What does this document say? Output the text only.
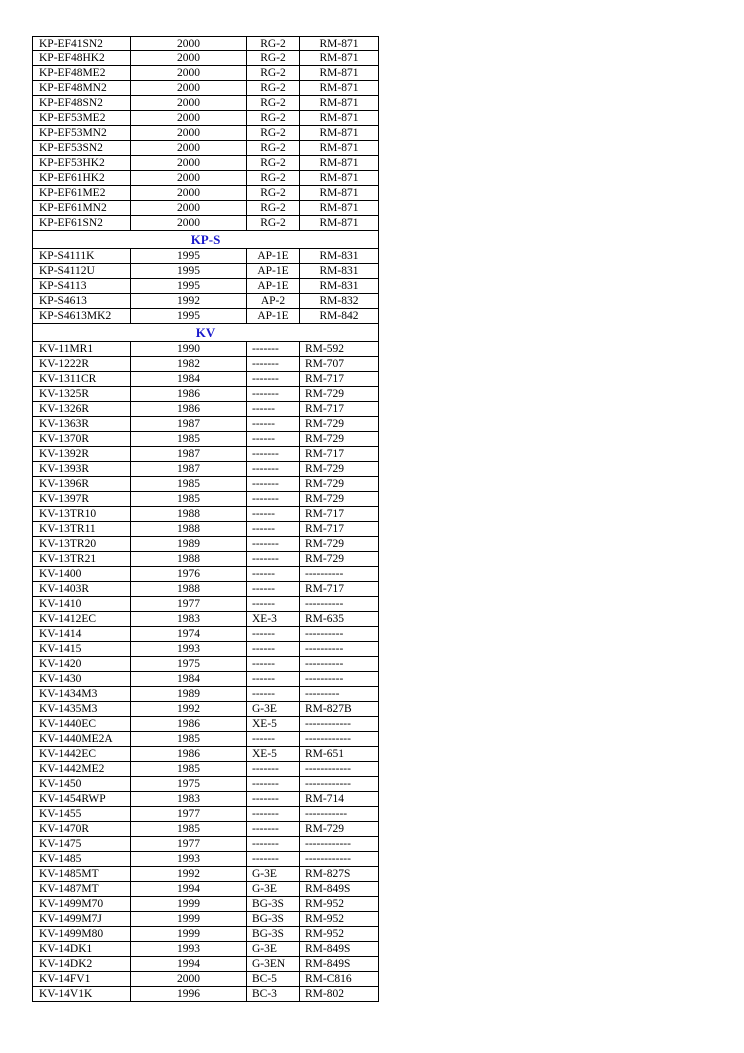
KP-EF41SN2	2000	RG-2	RM-871
KP-EF48HK2	2000	RG-2	RM-871
KP-EF48ME2	2000	RG-2	RM-871
KP-EF48MN2	2000	RG-2	RM-871
KP-EF48SN2	2000	RG-2	RM-871
KP-EF53ME2	2000	RG-2	RM-871
KP-EF53MN2	2000	RG-2	RM-871
KP-EF53SN2	2000	RG-2	RM-871
KP-EF53HK2	2000	RG-2	RM-871
KP-EF61HK2	2000	RG-2	RM-871
KP-EF61ME2	2000	RG-2	RM-871
KP-EF61MN2	2000	RG-2	RM-871
KP-EF61SN2	2000	RG-2	RM-871
KP-S
KP-S4111K	1995	AP-1E	RM-831
KP-S4112U	1995	AP-1E	RM-831
KP-S4113	1995	AP-1E	RM-831
KP-S4613	1992	AP-2	RM-832
KP-S4613MK2	1995	AP-1E	RM-842
KV
KV-11MR1	1990	-------	RM-592
KV-1222R	1982	-------	RM-707
KV-1311CR	1984	-------	RM-717
KV-1325R	1986	-------	RM-729
KV-1326R	1986	------	RM-717
KV-1363R	1987	------	RM-729
KV-1370R	1985	------	RM-729
KV-1392R	1987	-------	RM-717
KV-1393R	1987	-------	RM-729
KV-1396R	1985	-------	RM-729
KV-1397R	1985	-------	RM-729
KV-13TR10	1988	------	RM-717
KV-13TR11	1988	------	RM-717
KV-13TR20	1989	-------	RM-729
KV-13TR21	1988	-------	RM-729
KV-1400	1976	------	----------
KV-1403R	1988	------	RM-717
KV-1410	1977	------	----------
KV-1412EC	1983	XE-3	RM-635
KV-1414	1974	------	----------
KV-1415	1993	------	----------
KV-1420	1975	------	----------
KV-1430	1984	------	----------
KV-1434M3	1989	------	---------
KV-1435M3	1992	G-3E	RM-827B
KV-1440EC	1986	XE-5	------------
KV-1440ME2A	1985	------	------------
KV-1442EC	1986	XE-5	RM-651
KV-1442ME2	1985	-------	------------
KV-1450	1975	-------	------------
KV-1454RWP	1983	-------	RM-714
KV-1455	1977	-------	-----------
KV-1470R	1985	-------	RM-729
KV-1475	1977	-------	------------
KV-1485	1993	-------	------------
KV-1485MT	1992	G-3E	RM-827S
KV-1487MT	1994	G-3E	RM-849S
KV-1499M70	1999	BG-3S	RM-952
KV-1499M7J	1999	BG-3S	RM-952
KV-1499M80	1999	BG-3S	RM-952
KV-14DK1	1993	G-3E	RM-849S
KV-14DK2	1994	G-3EN	RM-849S
KV-14FV1	2000	BC-5	RM-C816
KV-14V1K	1996	BC-3	RM-802
